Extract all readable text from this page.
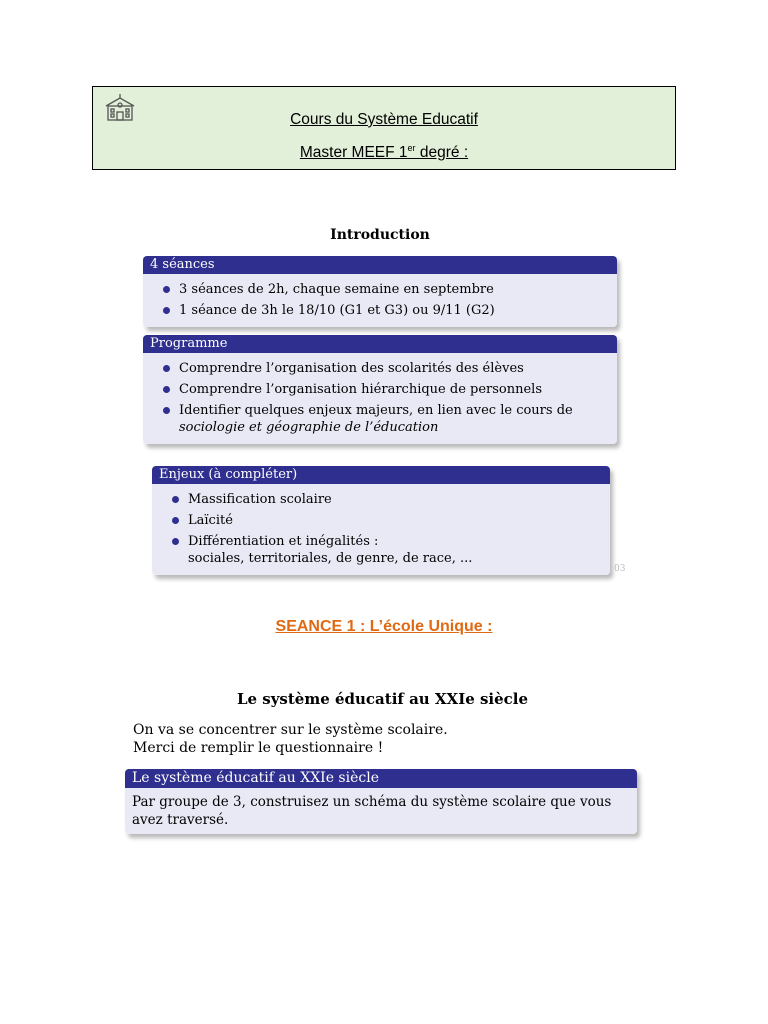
Cours du Système Educatif
Master MEEF 1er degré :
Introduction
4 séances
3 séances de 2h, chaque semaine en septembre
1 séance de 3h le 18/10 (G1 et G3) ou 9/11 (G2)
Programme
Comprendre l’organisation des scolarités des élèves
Comprendre l’organisation hiérarchique de personnels
Identifier quelques enjeux majeurs, en lien avec le cours de
sociologie et géographie de l’éducation
Enjeux (à compléter)
Massification scolaire
Laïcité
Différentiation et inégalités :
sociales, territoriales, de genre, de race, ...
03
SEANCE 1 : L’école Unique :
Le système éducatif au XXIe siècle
On va se concentrer sur le système scolaire.
Merci de remplir le questionnaire !
Le système éducatif au XXIe siècle
Par groupe de 3, construisez un schéma du système scolaire que vous
avez traversé.
